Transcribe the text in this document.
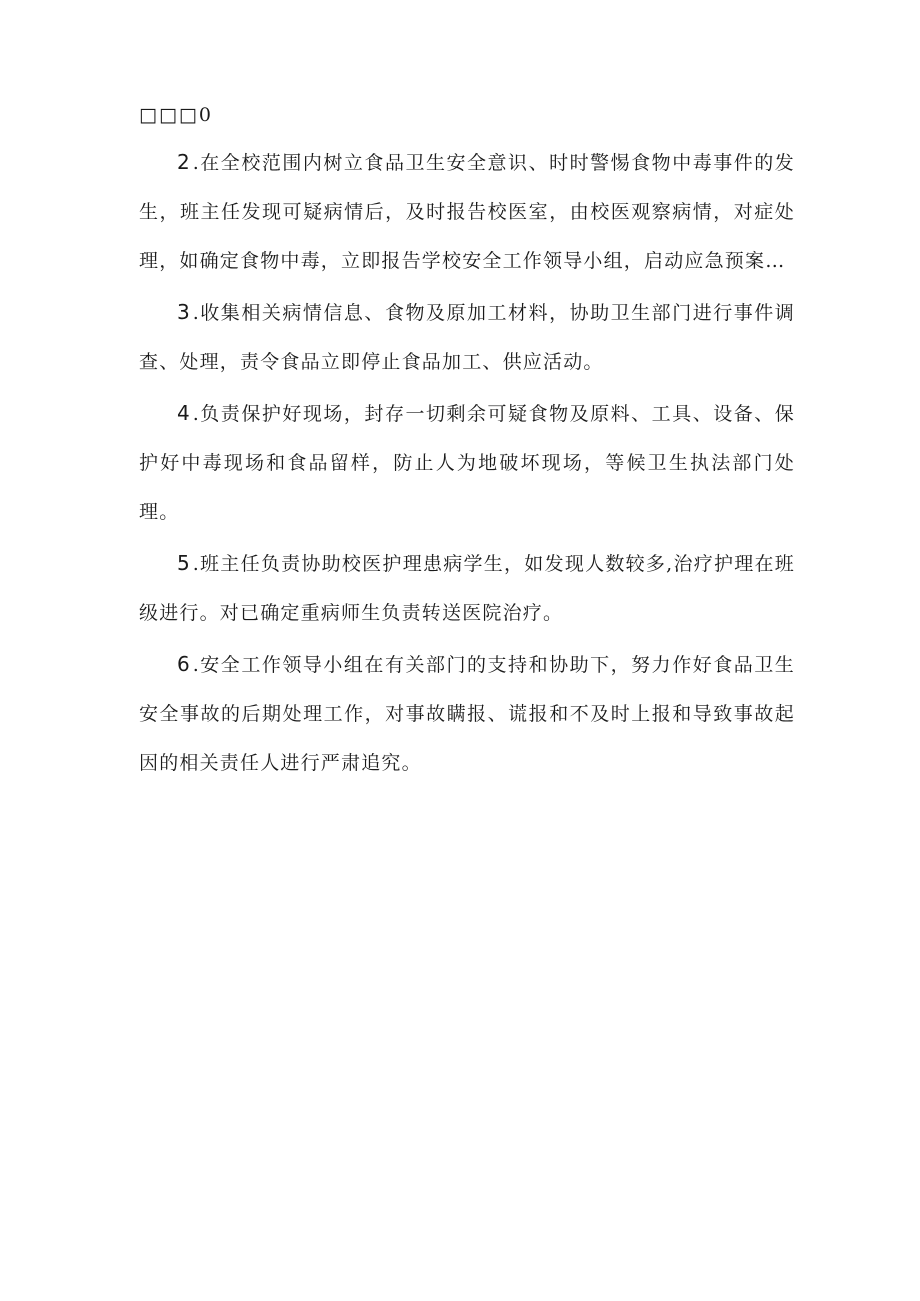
□□□0

2.在全校范围内树立食品卫生安全意识、时时警惕食物中毒事件的发生，班主任发现可疑病情后，及时报告校医室，由校医观察病情，对症处理，如确定食物中毒，立即报告学校安全工作领导小组，启动应急预案…

3.收集相关病情信息、食物及原加工材料，协助卫生部门进行事件调查、处理，责令食品立即停止食品加工、供应活动。

4.负责保护好现场，封存一切剩余可疑食物及原料、工具、设备、保护好中毒现场和食品留样，防止人为地破坏现场，等候卫生执法部门处理。

5.班主任负责协助校医护理患病学生，如发现人数较多,治疗护理在班级进行。对已确定重病师生负责转送医院治疗。

6.安全工作领导小组在有关部门的支持和协助下，努力作好食品卫生安全事故的后期处理工作，对事故瞒报、谎报和不及时上报和导致事故起因的相关责任人进行严肃追究。
